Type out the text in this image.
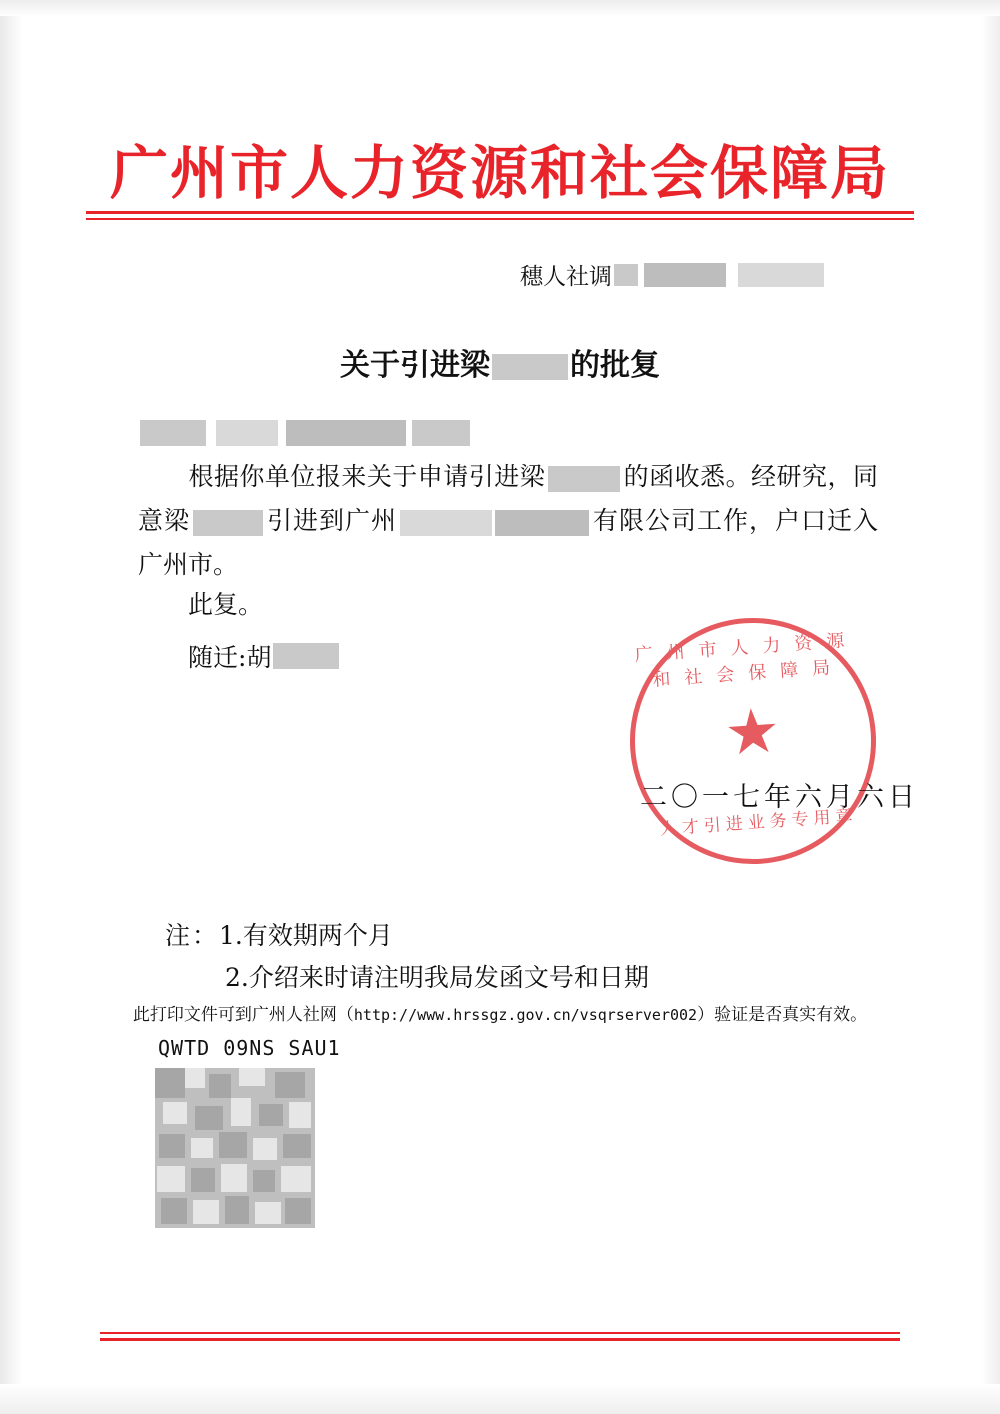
广州市人力资源和社会保障局
穗人社调
关于引进梁	的批复

根据你单位报来关于申请引进梁	的函收悉。经研究，同意梁	引进到广州	有限公司工作，户口迁入广州市。

此复。
随迁: 胡
★
广州市人力资源和社会保障局
人才引进业务专用章
二〇一七年六月六日
注：1.有效期两个月
2.介绍来时请注明我局发函文号和日期
此打印文件可到广州人社网（http://www.hrssgz.gov.cn/vsqrserver002）验证是否真实有效。
QWTD 09NS SAU1
